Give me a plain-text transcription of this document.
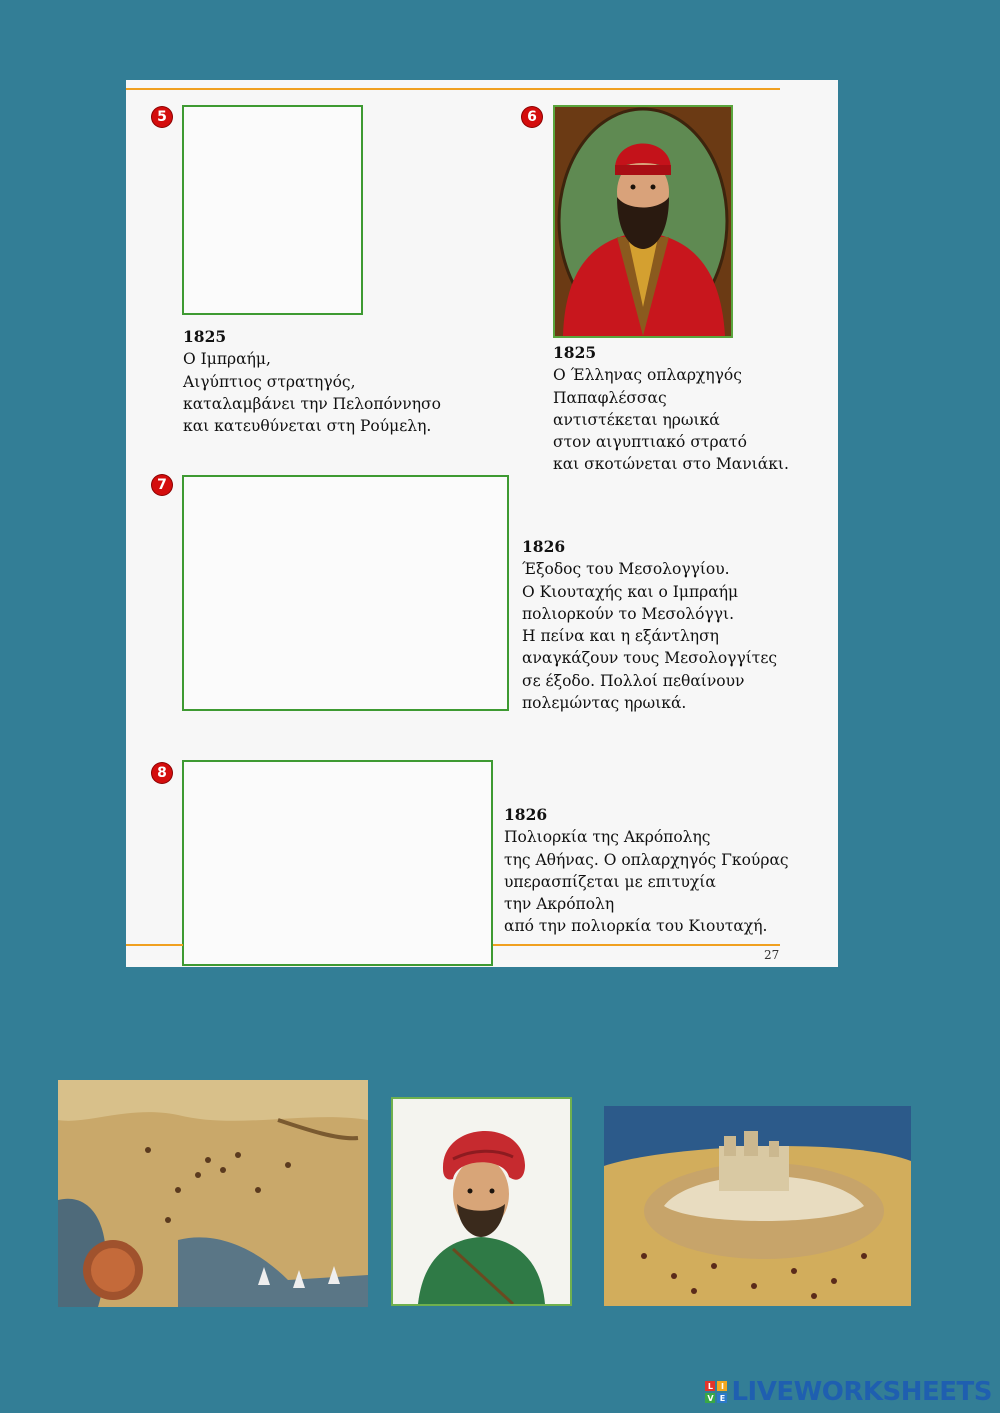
5
1825
Ο Ιμπραήμ,
Αιγύπτιος στρατηγός,
καταλαμβάνει την Πελοπόννησο
και κατευθύνεται στη Ρούμελη.
6
1825
Ο Έλληνας οπλαρχηγός
Παπαφλέσσας
αντιστέκεται ηρωικά
στον αιγυπτιακό στρατό
και σκοτώνεται στο Μανιάκι.
7
1826
Έξοδος του Μεσολογγίου.
Ο Κιουταχής και ο Ιμπραήμ
πολιορκούν το Μεσολόγγι.
Η πείνα και η εξάντληση
αναγκάζουν τους Μεσολογγίτες
σε έξοδο. Πολλοί πεθαίνουν
πολεμώντας ηρωικά.
8
1826
Πολιορκία της Ακρόπολης
της Αθήνας. Ο οπλαρχηγός Γκούρας
υπερασπίζεται με επιτυχία
την Ακρόπολη
από την πολιορκία του Κιουταχή.
27
L I
V E LIVEWORKSHEETS
